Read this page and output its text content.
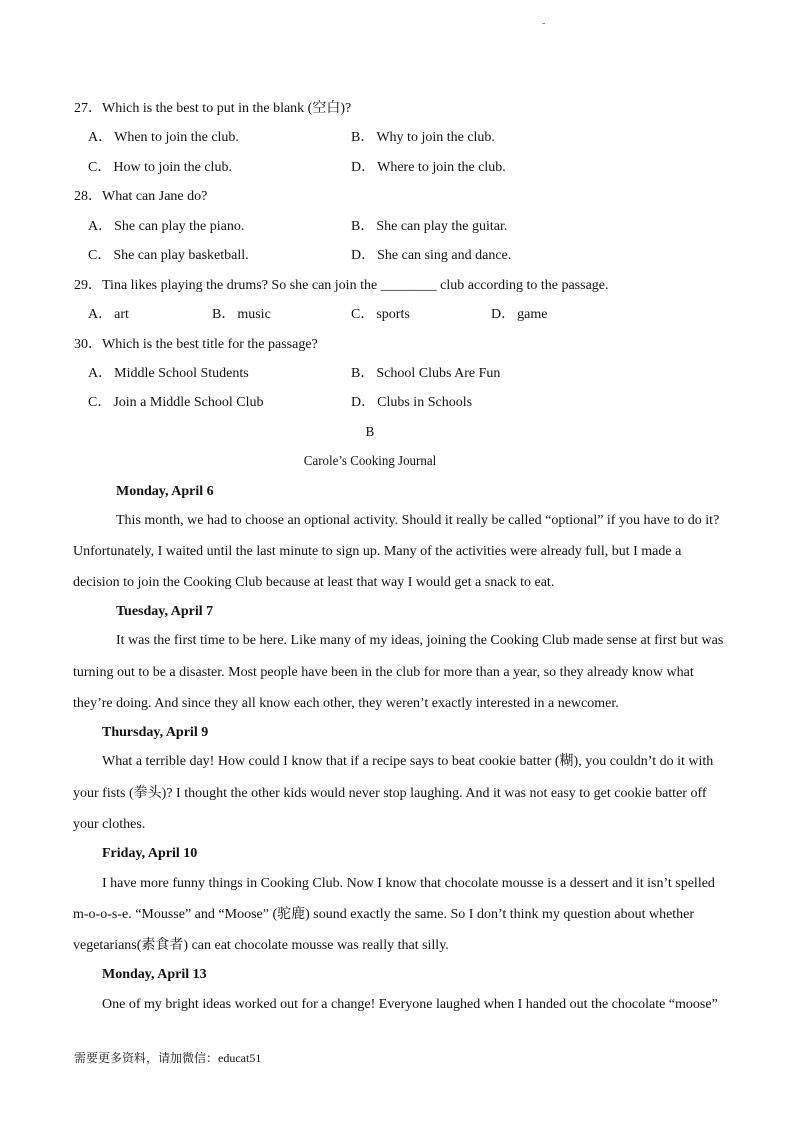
-
27．Which is the best to put in the blank (空白)?
A． When to join the club.	B． Why to join the club.
C． How to join the club.	D． Where to join the club.
28．What can Jane do?
A． She can play the piano.	B． She can play the guitar.
C． She can play basketball.	D． She can sing and dance.
29．Tina likes playing the drums? So she can join the ________ club according to the passage.
A． art	B． music	C． sports	D． game
30．Which is the best title for the passage?
A． Middle School Students	B． School Clubs Are Fun
C． Join a Middle School Club	D． Clubs in Schools
B
Carole’s Cooking Journal
Monday, April 6
This month, we had to choose an optional activity. Should it really be called “optional” if you have to do it?
Unfortunately, I waited until the last minute to sign up. Many of the activities were already full, but I made a
decision to join the Cooking Club because at least that way I would get a snack to eat.
Tuesday, April 7
It was the first time to be here. Like many of my ideas, joining the Cooking Club made sense at first but was
turning out to be a disaster. Most people have been in the club for more than a year, so they already know what
they’re doing. And since they all know each other, they weren’t exactly interested in a newcomer.
Thursday, April 9
What a terrible day! How could I know that if a recipe says to beat cookie batter (糊), you couldn’t do it with
your fists (拳头)? I thought the other kids would never stop laughing. And it was not easy to get cookie batter off
your clothes.
Friday, April 10
I have more funny things in Cooking Club. Now I know that chocolate mousse is a dessert and it isn’t spelled
m-o-o-s-e. “Mousse” and “Moose” (驼鹿) sound exactly the same. So I don’t think my question about whether
vegetarians(素食者) can eat chocolate mousse was really that silly.
Monday, April 13
One of my bright ideas worked out for a change! Everyone laughed when I handed out the chocolate “moose”
需要更多资料，请加微信：educat51
